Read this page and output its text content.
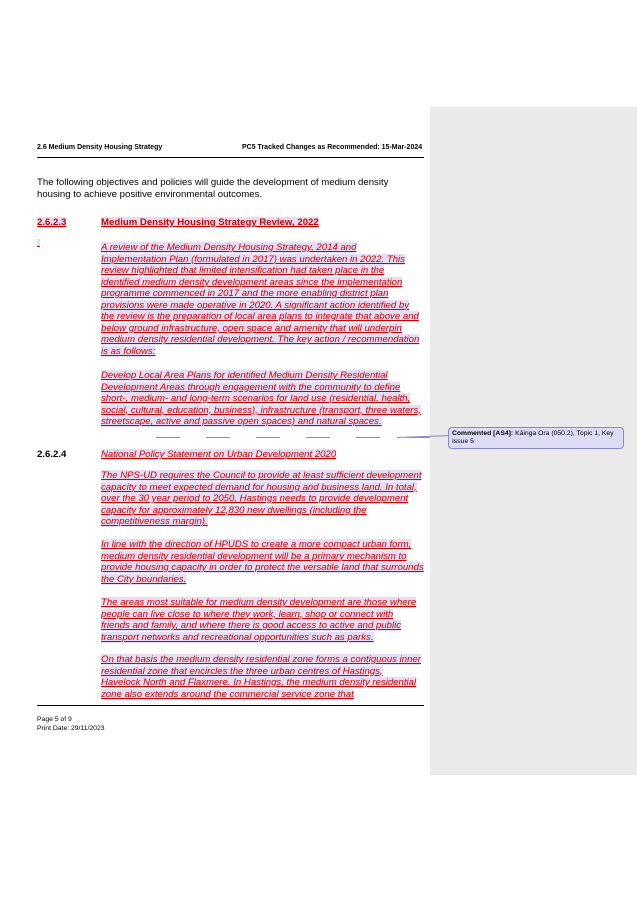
2.6 Medium Density Housing Strategy	PC5 Tracked Changes as Recommended: 15-Mar-2024
The following objectives and policies will guide the development of medium density housing to achieve positive environmental outcomes.
2.6.2.3	Medium Density Housing Strategy Review, 2022
A review of the Medium Density Housing Strategy, 2014 and Implementation Plan (formulated in 2017) was undertaken in 2022. This review highlighted that limited intensification had taken place in the identified medium density development areas since the implementation programme commenced in 2017 and the more enabling district plan provisions were made operative in 2020. A significant action identified by the review is the preparation of local area plans to integrate that above and below ground infrastructure, open space and amenity that will underpin medium density residential development. The key action / recommendation is as follows:
Develop Local Area Plans for identified Medium Density Residential Development Areas through engagement with the community to define short-, medium- and long-term scenarios for land use (residential, health, social, cultural, education, business), infrastructure (transport, three waters, streetscape, active and passive open spaces) and natural spaces.
Commented [AS4]: Kāinga Ora (050.2), Topic 1, Key Issue 5
2.6.2.4	National Policy Statement on Urban Development 2020
The NPS-UD requires the Council to provide at least sufficient development capacity to meet expected demand for housing and business land. In total, over the 30 year period to 2050, Hastings needs to provide development capacity for approximately 12,830 new dwellings (including the competitiveness margin).
In line with the direction of HPUDS to create a more compact urban form, medium density residential development will be a primary mechanism to provide housing capacity in order to protect the versatile land that surrounds the City boundaries.
The areas most suitable for medium density development are those where people can live close to where they work, learn, shop or connect with friends and family, and where there is good access to active and public transport networks and recreational opportunities such as parks.
On that basis the medium density residential zone forms a contiguous inner residential zone that encircles the three urban centres of Hastings, Havelock North and Flaxmere. In Hastings, the medium density residential zone also extends around the commercial service zone that
Page 5 of 9
Print Date: 29/11/2023
